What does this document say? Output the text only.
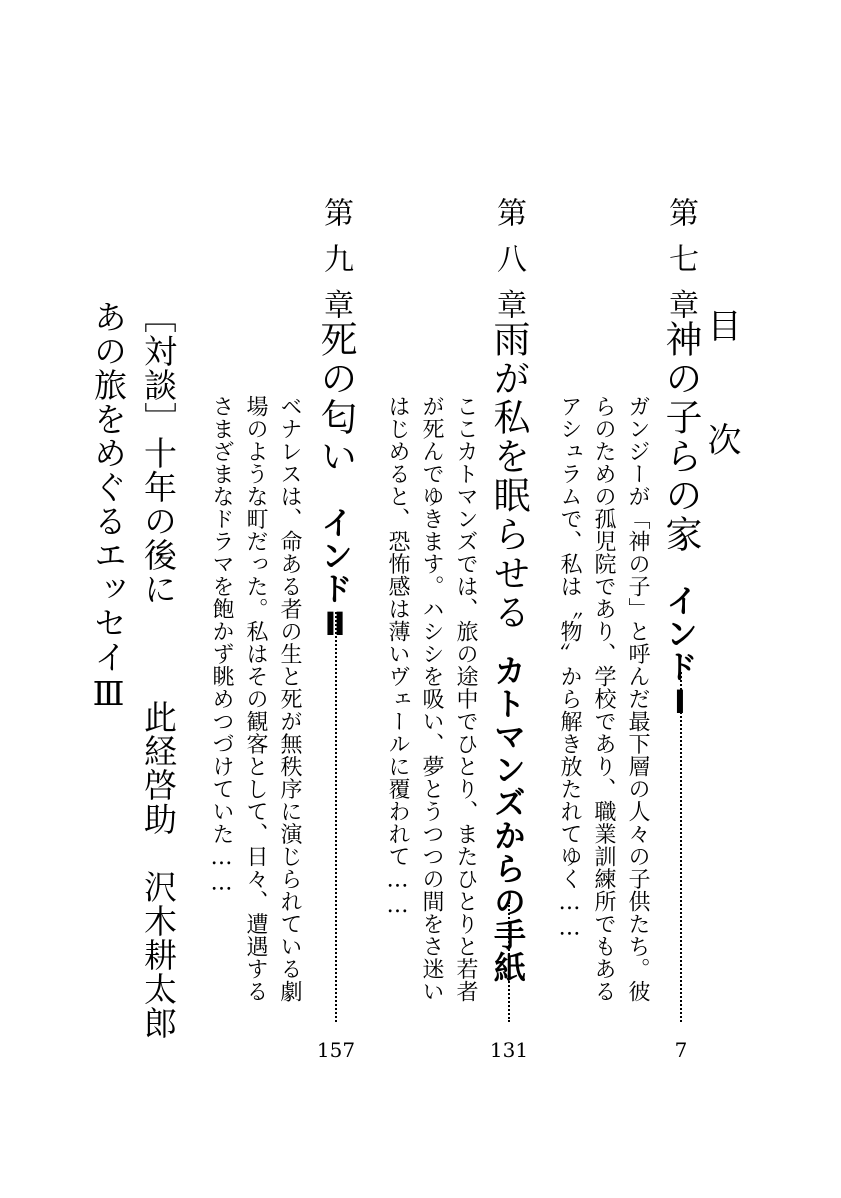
目 次
第七章
神の子らの家インドⅠ
7
ガンジーが「神の子」と呼んだ最下層の人々の子供たち。彼
らのための孤児院であり、学校であり、職業訓練所でもある
アシュラムで、私は〝物〟から解き放たれてゆく……
第八章
雨が私を眠らせるカトマンズからの手紙
131
ここカトマンズでは、旅の途中でひとり、またひとりと若者
が死んでゆきます。ハシシを吸い、夢とうつつの間をさ迷い
はじめると、恐怖感は薄いヴェールに覆われて……
第九章
死の匂いインドⅡ
157
ベナレスは、命ある者の生と死が無秩序に演じられている劇
場のような町だった。私はその観客として、日々、遭遇する
さまざまなドラマを飽かず眺めつづけていた……
［対談］十年の後に
此経啓助　沢木耕太郎
あの旅をめぐるエッセイⅢ
